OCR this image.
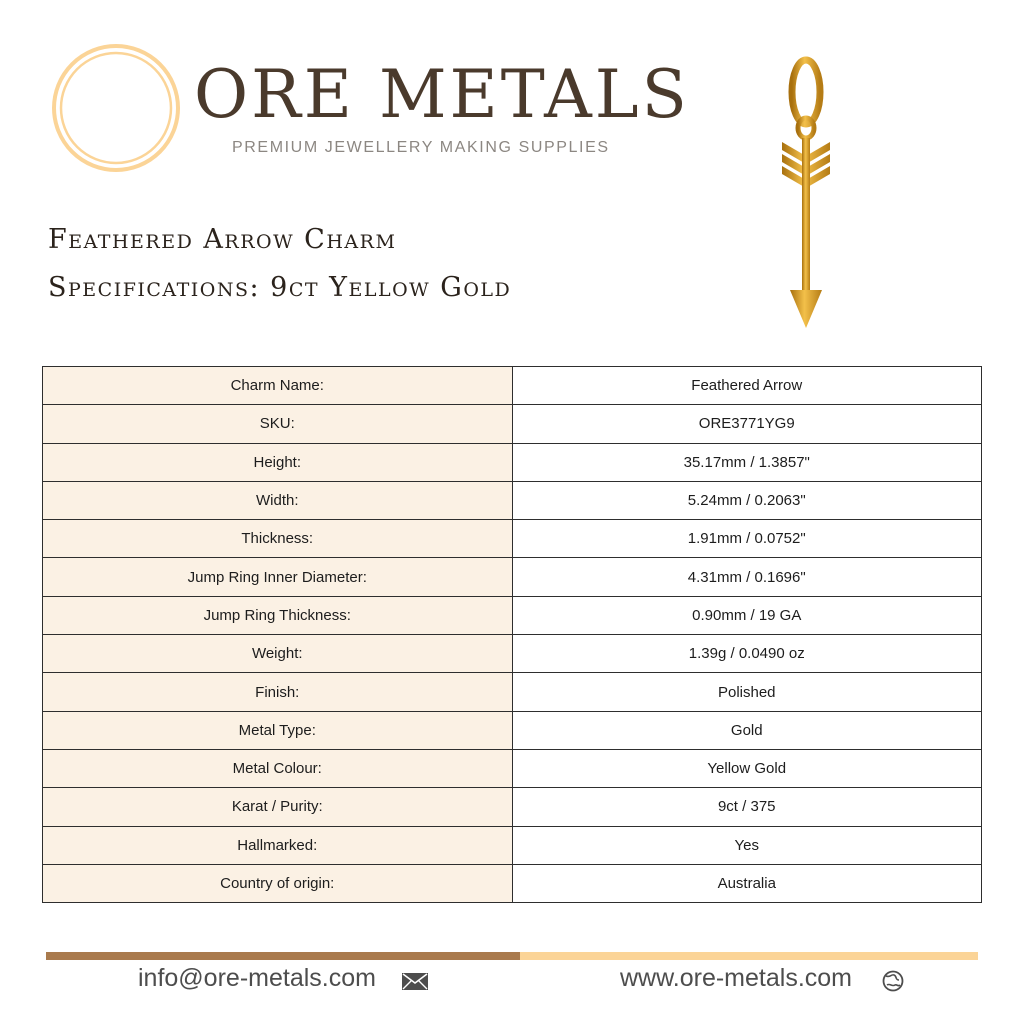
ORE METALS
PREMIUM JEWELLERY MAKING SUPPLIES
Feathered Arrow Charm
Specifications: 9ct Yellow Gold
Charm Name:	Feathered Arrow
SKU:	ORE3771YG9
Height:	35.17mm / 1.3857"
Width:	5.24mm / 0.2063"
Thickness:	1.91mm / 0.0752"
Jump Ring Inner Diameter:	4.31mm / 0.1696"
Jump Ring Thickness:	0.90mm / 19 GA
Weight:	1.39g / 0.0490 oz
Finish:	Polished
Metal Type:	Gold
Metal Colour:	Yellow Gold
Karat / Purity:	9ct / 375
Hallmarked:	Yes
Country of origin:	Australia
info@ore-metals.com	www.ore-metals.com
